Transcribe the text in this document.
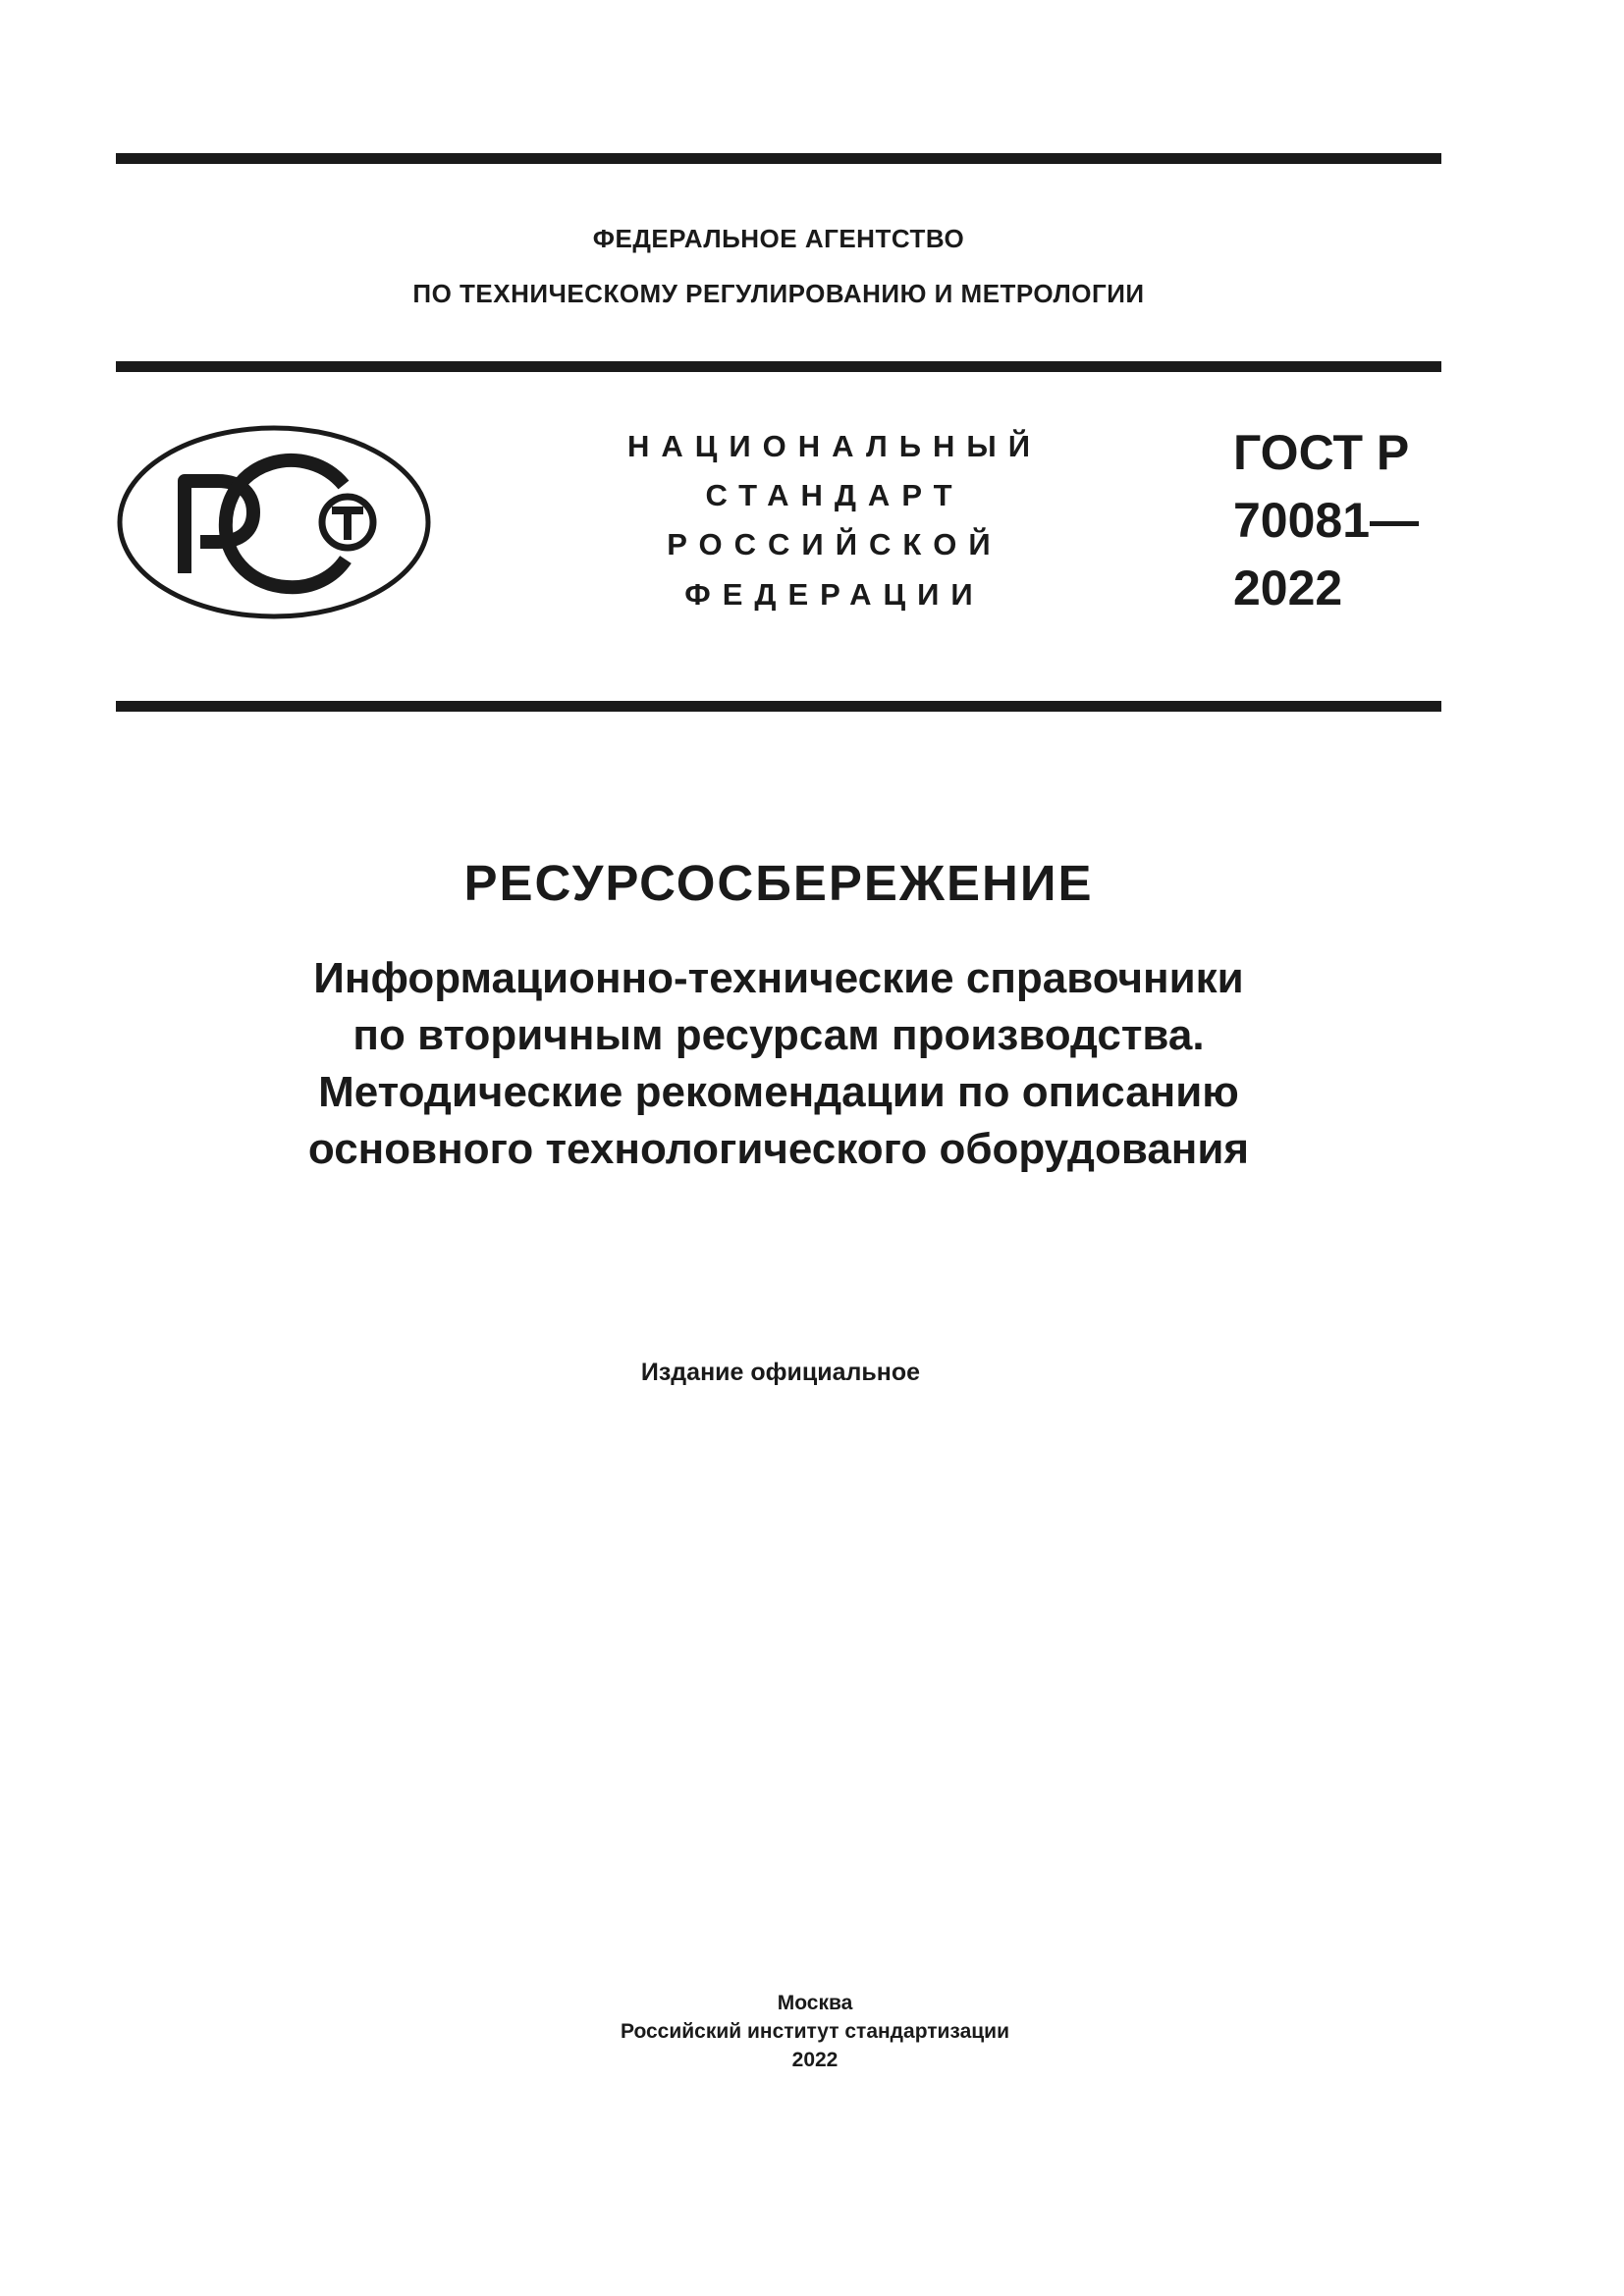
ФЕДЕРАЛЬНОЕ АГЕНТСТВО
ПО ТЕХНИЧЕСКОМУ РЕГУЛИРОВАНИЮ И МЕТРОЛОГИИ
НАЦИОНАЛЬНЫЙ
СТАНДАРТ
РОССИЙСКОЙ
ФЕДЕРАЦИИ
ГОСТ Р
70081—
2022
РЕСУРСОСБЕРЕЖЕНИЕ
Информационно-технические справочники
по вторичным ресурсам производства.
Методические рекомендации по описанию
основного технологического оборудования
Издание официальное
Москва
Российский институт стандартизации
2022
